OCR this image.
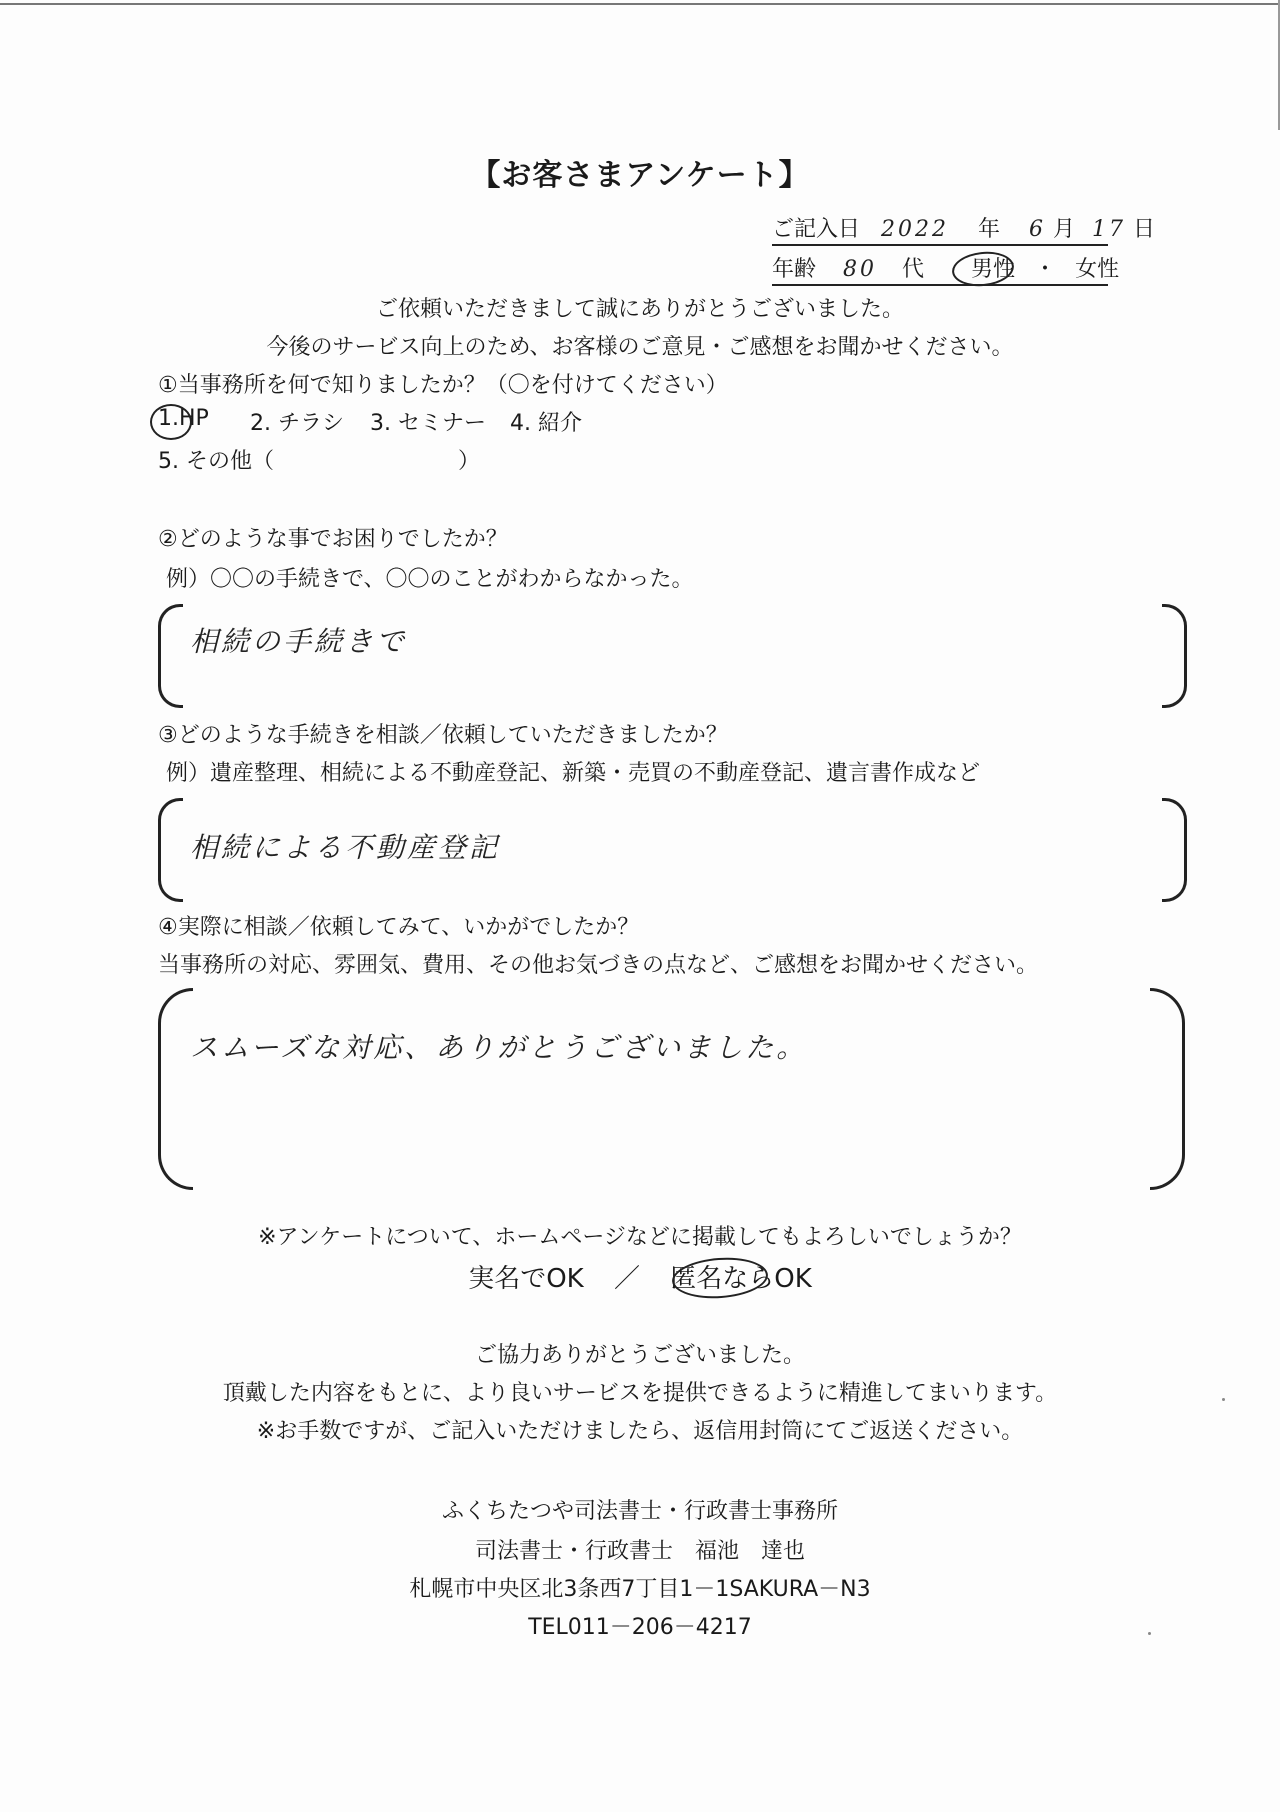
【お客さまアンケート】
ご記入日 2022 年 6 月 17 日
年齢 80 代 男性 ・ 女性
ご依頼いただきまして誠にありがとうございました。
今後のサービス向上のため、お客様のご意見・ご感想をお聞かせください。
①当事務所を何で知りましたか？（〇を付けてください）
1.HP 2. チラシ 3. セミナー 4. 紹介
5. その他（	）
②どのような事でお困りでしたか？
例）〇〇の手続きで、〇〇のことがわからなかった。
相続の手続きで
③どのような手続きを相談／依頼していただきましたか？
例）遺産整理、相続による不動産登記、新築・売買の不動産登記、遺言書作成など
相続による不動産登記
④実際に相談／依頼してみて、いかがでしたか？
当事務所の対応、雰囲気、費用、その他お気づきの点など、ご感想をお聞かせください。
スムーズな対応、ありがとうございました。
※アンケートについて、ホームページなどに掲載してもよろしいでしょうか？
実名でOK ／ 匿名ならOK
ご協力ありがとうございました。
頂戴した内容をもとに、より良いサービスを提供できるように精進してまいります。
※お手数ですが、ご記入いただけましたら、返信用封筒にてご返送ください。
ふくちたつや司法書士・行政書士事務所
司法書士・行政書士　福池　達也
札幌市中央区北3条西7丁目1－1SAKURA－N3
TEL011－206－4217
